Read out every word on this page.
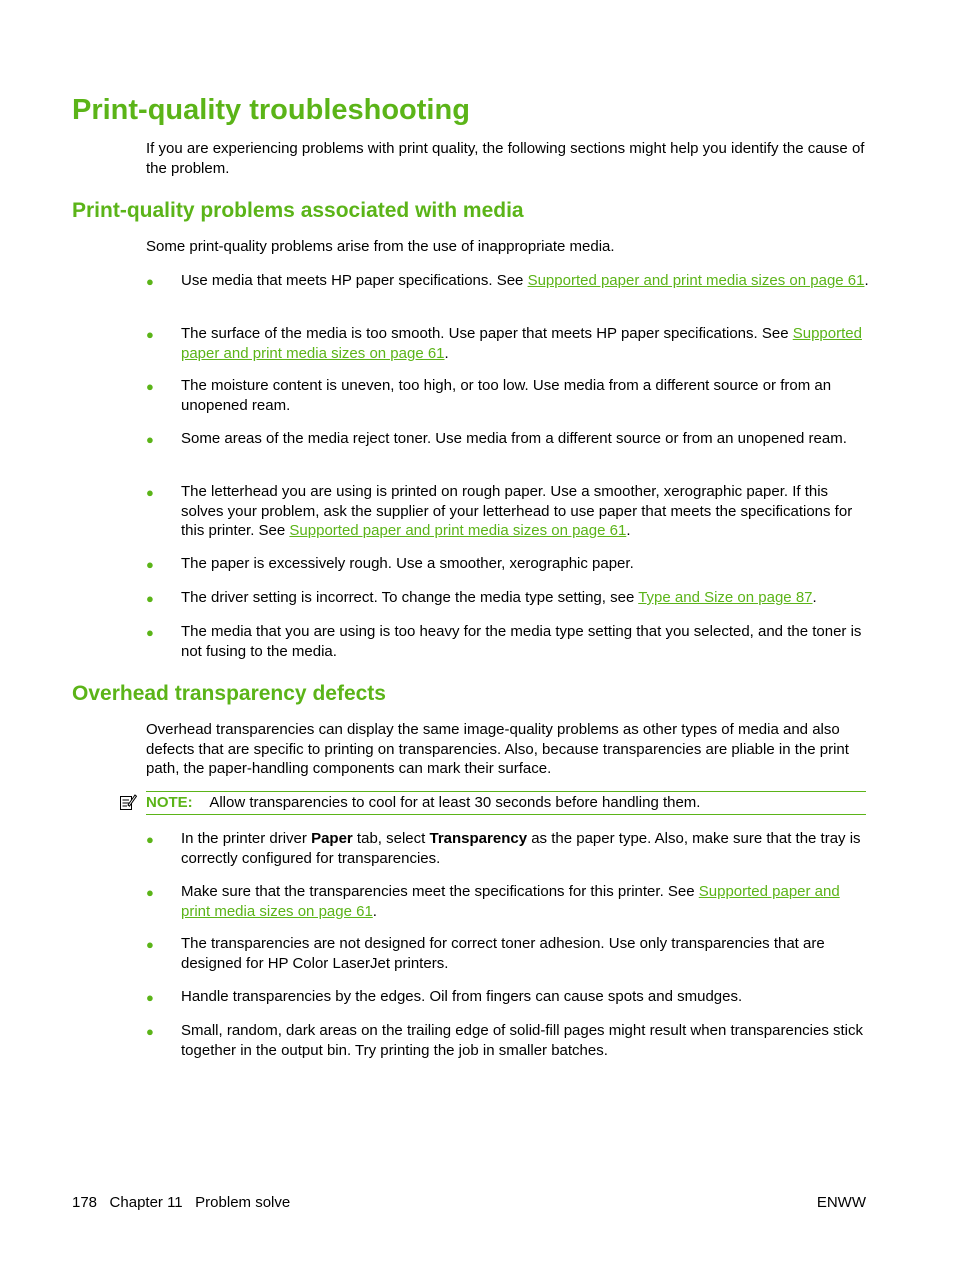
Print-quality troubleshooting

If you are experiencing problems with print quality, the following sections might help you identify the cause of the problem.

Print-quality problems associated with media

Some print-quality problems arise from the use of inappropriate media.

● Use media that meets HP paper specifications. See Supported paper and print media sizes on page 61.
● The surface of the media is too smooth. Use paper that meets HP paper specifications. See Supported paper and print media sizes on page 61.
● The moisture content is uneven, too high, or too low. Use media from a different source or from an unopened ream.
● Some areas of the media reject toner. Use media from a different source or from an unopened ream.
● The letterhead you are using is printed on rough paper. Use a smoother, xerographic paper. If this solves your problem, ask the supplier of your letterhead to use paper that meets the specifications for this printer. See Supported paper and print media sizes on page 61.
● The paper is excessively rough. Use a smoother, xerographic paper.
● The driver setting is incorrect. To change the media type setting, see Type and Size on page 87.
● The media that you are using is too heavy for the media type setting that you selected, and the toner is not fusing to the media.
Overhead transparency defects

Overhead transparencies can display the same image-quality problems as other types of media and also defects that are specific to printing on transparencies. Also, because transparencies are pliable in the print path, the paper-handling components can mark their surface.

NOTE: Allow transparencies to cool for at least 30 seconds before handling them.
● In the printer driver Paper tab, select Transparency as the paper type. Also, make sure that the tray is correctly configured for transparencies.
● Make sure that the transparencies meet the specifications for this printer. See Supported paper and print media sizes on page 61.
● The transparencies are not designed for correct toner adhesion. Use only transparencies that are designed for HP Color LaserJet printers.
● Handle transparencies by the edges. Oil from fingers can cause spots and smudges.
● Small, random, dark areas on the trailing edge of solid-fill pages might result when transparencies stick together in the output bin. Try printing the job in smaller batches.
178 Chapter 11 Problem solve	ENWW
